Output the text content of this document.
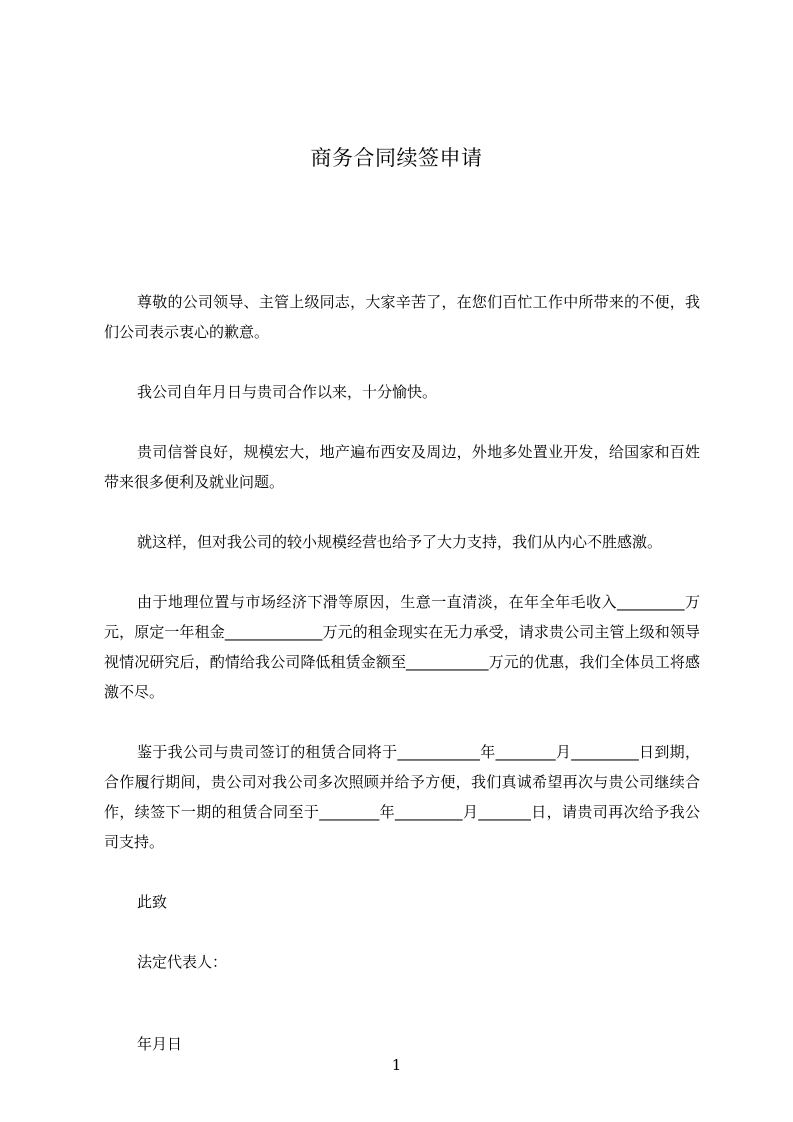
商务合同续签申请

尊敬的公司领导、主管上级同志，大家辛苦了，在您们百忙工作中所带来的不便，我们公司表示衷心的歉意。

我公司自年月日与贵司合作以来，十分愉快。

贵司信誉良好，规模宏大，地产遍布西安及周边，外地多处置业开发，给国家和百姓带来很多便利及就业问题。

就这样，但对我公司的较小规模经营也给予了大力支持，我们从内心不胜感激。

由于地理位置与市场经济下滑等原因，生意一直清淡，在年全年毛收入_________万元，原定一年租金_____________万元的租金现实在无力承受，请求贵公司主管上级和领导视情况研究后，酌情给我公司降低租赁金额至___________万元的优惠，我们全体员工将感激不尽。

鉴于我公司与贵司签订的租赁合同将于___________年________月_________日到期，合作履行期间，贵公司对我公司多次照顾并给予方便，我们真诚希望再次与贵公司继续合作，续签下一期的租赁合同至于________年_________月_______日，请贵司再次给予我公司支持。

此致

法定代表人：

年月日

1
